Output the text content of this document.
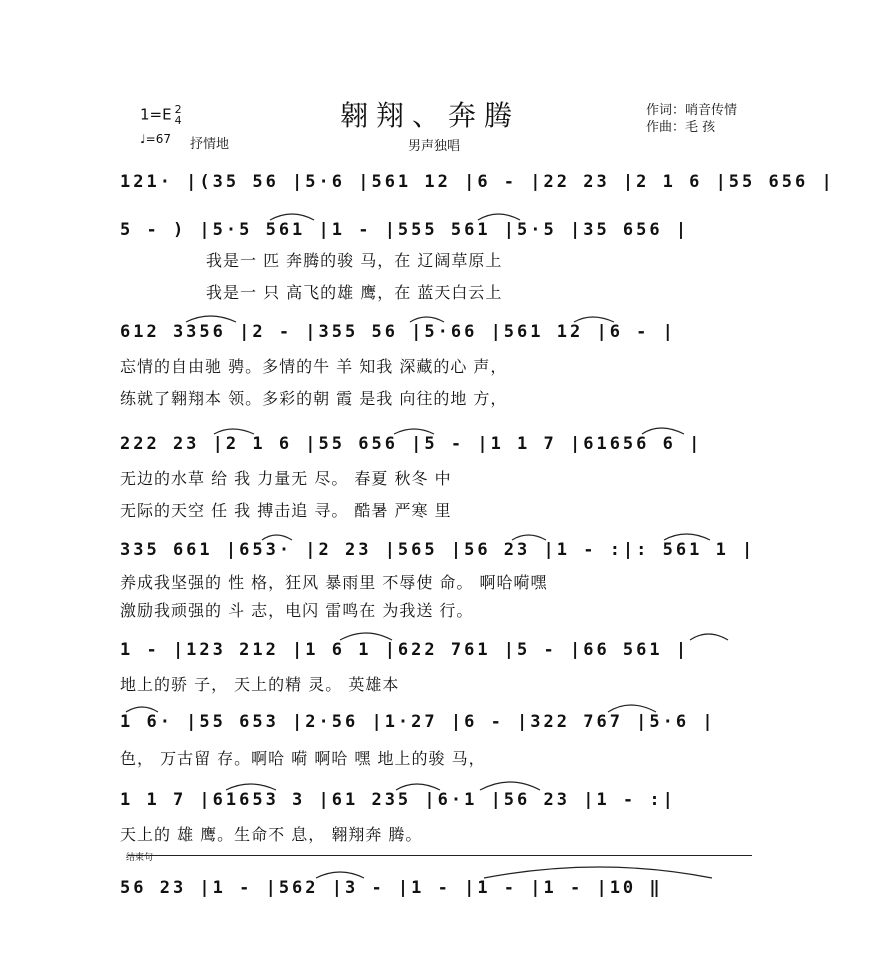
1=E 2
4	翱翔、奔腾	作词：哨音传情
作曲：毛 孩
♩=67 抒情地	男声独唱
121· |(35 56 |5·6 |561 12 |6 - |22 23 |2 1 6 |55 656 |
5 - ) |5·5 561 |1 - |555 561 |5·5 |35 656 |
我是一 匹 奔腾的骏 马，在 辽阔草原上
我是一 只 高飞的雄 鹰，在 蓝天白云上
612 3356 |2 - |355 56 |5·66 |561 12 |6 - |
忘情的自由驰 骋。多情的牛 羊 知我 深藏的心 声，
练就了翱翔本 领。多彩的朝 霞 是我 向往的地 方，
222 23 |2 1 6 |55 656 |5 - |1 1 7 |61656 6 |
无边的水草 给 我 力量无 尽。 春夏 秋冬 中
无际的天空 任 我 搏击追 寻。 酷暑 严寒 里
335 661 |653· |2 23 |565 |56 23 |1 - :|: 561 1 |
养成我坚强的 性 格，狂风 暴雨里 不辱使 命。 啊哈嗬嘿
激励我顽强的 斗 志，电闪 雷鸣在 为我送 行。
1 - |123 212 |1 6 1 |622 761 |5 - |66 561 |
地上的骄 子， 天上的精 灵。 英雄本
1 6· |55 653 |2·56 |1·27 |6 - |322 767 |5·6 |
色， 万古留 存。啊哈 嗬 啊哈 嘿 地上的骏 马，
1 1 7 |61653 3 |61 235 |6·1 |56 23 |1 - :|
天上的 雄 鹰。生命不 息， 翱翔奔 腾。
结束句
56 23 |1 - |562 |3 - |1 - |1 - |1 - |10 ‖
